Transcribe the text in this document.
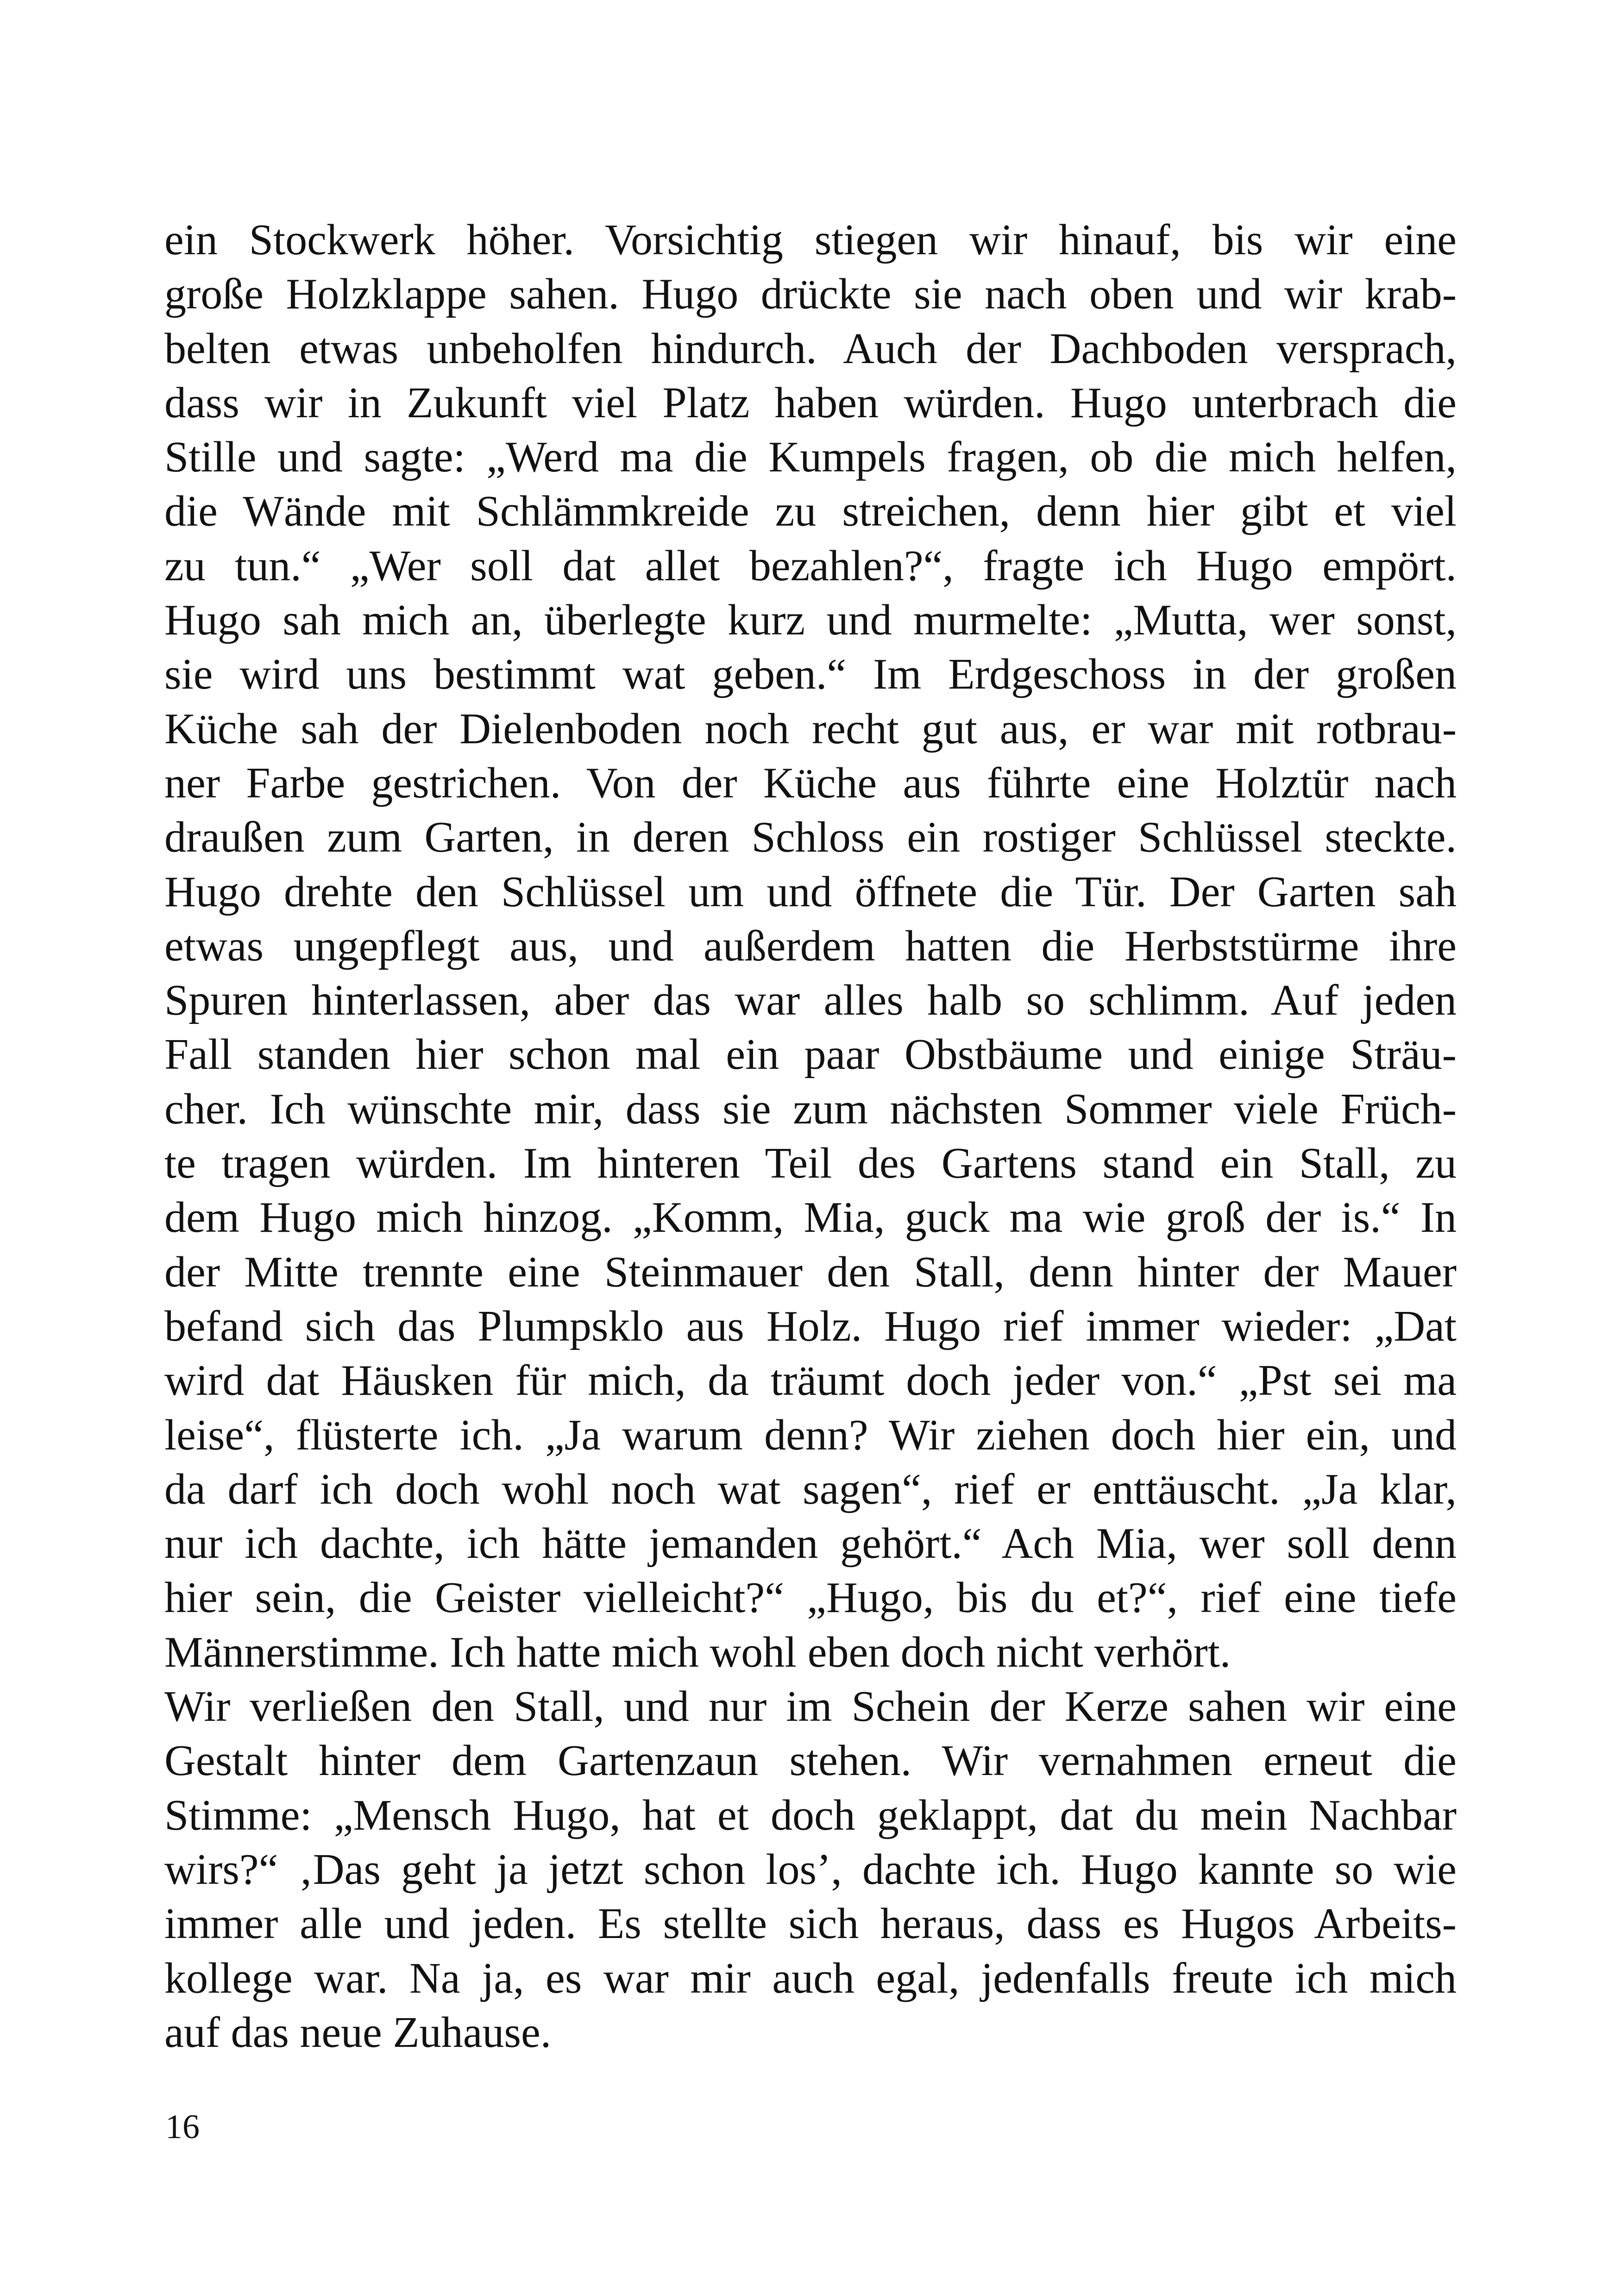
ein Stockwerk höher. Vorsichtig stiegen wir hinauf, bis wir eine
große Holzklappe sahen. Hugo drückte sie nach oben und wir krab-
belten etwas unbeholfen hindurch. Auch der Dachboden versprach,
dass wir in Zukunft viel Platz haben würden. Hugo unterbrach die
Stille und sagte: „Werd ma die Kumpels fragen, ob die mich helfen,
die Wände mit Schlämmkreide zu streichen, denn hier gibt et viel
zu tun.“ „Wer soll dat allet bezahlen?“, fragte ich Hugo empört.
Hugo sah mich an, überlegte kurz und murmelte: „Mutta, wer sonst,
sie wird uns bestimmt wat geben.“ Im Erdgeschoss in der großen
Küche sah der Dielenboden noch recht gut aus, er war mit rotbrau-
ner Farbe gestrichen. Von der Küche aus führte eine Holztür nach
draußen zum Garten, in deren Schloss ein rostiger Schlüssel steckte.
Hugo drehte den Schlüssel um und öffnete die Tür. Der Garten sah
etwas ungepflegt aus, und außerdem hatten die Herbststürme ihre
Spuren hinterlassen, aber das war alles halb so schlimm. Auf jeden
Fall standen hier schon mal ein paar Obstbäume und einige Sträu-
cher. Ich wünschte mir, dass sie zum nächsten Sommer viele Früch-
te tragen würden. Im hinteren Teil des Gartens stand ein Stall, zu
dem Hugo mich hinzog. „Komm, Mia, guck ma wie groß der is.“ In
der Mitte trennte eine Steinmauer den Stall, denn hinter der Mauer
befand sich das Plumpsklo aus Holz. Hugo rief immer wieder: „Dat
wird dat Häusken für mich, da träumt doch jeder von.“ „Pst sei ma
leise“, flüsterte ich. „Ja warum denn? Wir ziehen doch hier ein, und
da darf ich doch wohl noch wat sagen“, rief er enttäuscht. „Ja klar,
nur ich dachte, ich hätte jemanden gehört.“ Ach Mia, wer soll denn
hier sein, die Geister vielleicht?“ „Hugo, bis du et?“, rief eine tiefe
Männerstimme. Ich hatte mich wohl eben doch nicht verhört.
Wir verließen den Stall, und nur im Schein der Kerze sahen wir eine
Gestalt hinter dem Gartenzaun stehen. Wir vernahmen erneut die
Stimme: „Mensch Hugo, hat et doch geklappt, dat du mein Nachbar
wirs?“ ‚Das geht ja jetzt schon los’, dachte ich. Hugo kannte so wie
immer alle und jeden. Es stellte sich heraus, dass es Hugos Arbeits-
kollege war. Na ja, es war mir auch egal, jedenfalls freute ich mich
auf das neue Zuhause.
16
